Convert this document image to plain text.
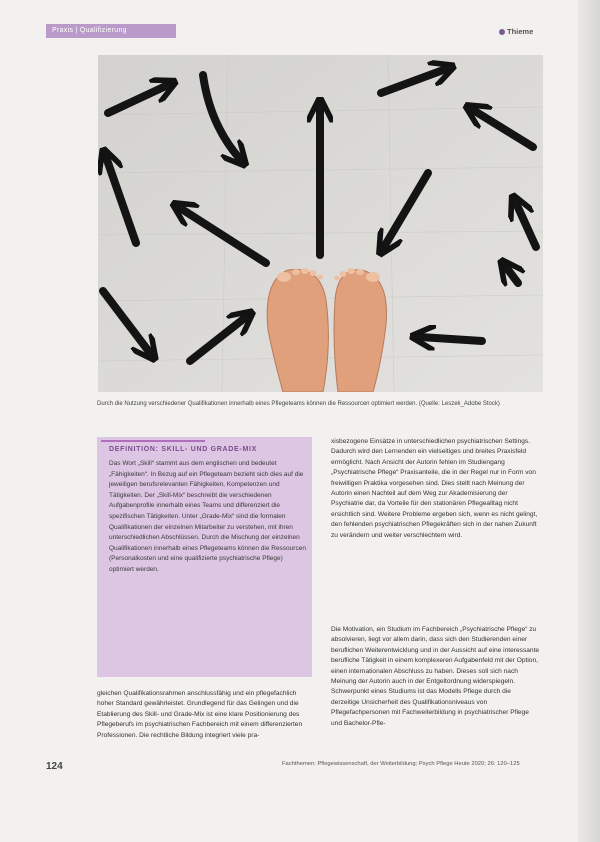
Praxis | Qualifizierung	Thieme
Durch die Nutzung verschiedener Qualifikationen innerhalb eines Pflegeteams können die Ressourcen optimiert werden. (Quelle: Leszek_Adobe Stock)
DEFINITION: SKILL- UND GRADE-MIX
Das Wort „Skill“ stammt aus dem englischen und bedeutet „Fähigkeiten“. In Bezug auf ein Pflegeteam bezieht sich dies auf die jeweiligen berufsrelevanten Fähigkeiten, Kompetenzen und Tätigkeiten. Der „Skill-Mix“ beschreibt die verschiedenen Aufgabenprofile innerhalb eines Teams und differenziert die spezifischen Tätigkeiten. Unter „Grade-Mix“ sind die formalen Qualifikationen der einzelnen Mitarbeiter zu verstehen, mit ihren unterschiedlichen Abschlüssen. Durch die Mischung der einzelnen Qualifikationen innerhalb eines Pflegeteams können die Ressourcen (Personalkosten und eine qualifizierte psychiatrische Pflege) optimiert werden.

gleichen Qualifikationsrahmen anschlussfähig und ein pflegefachlich hoher Standard gewährleistet. Grundlegend für das Gelingen und die Etablierung des Skill- und Grade-Mix ist eine klare Positionierung des Pflegeberufs im psychiatrischen Fachbereich mit einem differenzierten Professionen. Die rechtliche Bildung integriert viele pra-

xisbezogene Einsätze in unterschiedlichen psychiatrischen Settings. Dadurch wird den Lernenden ein vielseitiges und breites Praxisfeld ermöglicht. Nach Ansicht der Autorin fehlen im Studiengang „Psychiatrische Pflege“ Praxisanteile, die in der Regel nur in Form von freiwilligen Praktika vorgesehen sind. Dies stellt nach Meinung der Autorin einen Nachteil auf dem Weg zur Akademisierung der Psychiatrie dar, da Vorteile für den stationären Pflegealltag nicht ersichtlich sind. Weitere Probleme ergeben sich, wenn es nicht gelingt, den fehlenden psychiatrischen Pflegekräften sich in der nahen Zukunft zu verändern und weiter verschlechtern wird.

Die Motivation, ein Studium im Fachbereich „Psychiatrische Pflege“ zu absolvieren, liegt vor allem darin, dass sich den Studierenden einer beruflichen Weiterentwicklung und in der Aussicht auf eine interessante berufliche Tätigkeit in einem komplexeren Aufgabenfeld mit der Option, einen internationalen Abschluss zu haben. Dieses soll sich nach Meinung der Autorin auch in der Entgeltordnung widerspiegeln. Schwerpunkt eines Studiums ist das Modells Pflege durch die derzeitige Unsicherheit des Qualifikationsniveaus von Pflegefachpersonen mit Fachweiterbildung in psychiatrischer Pflege und Bachelor-Pfle-

124	Fachthemen: Pflegewissenschaft, der Weiterbildung; Psych Pflege Heute 2020; 26: 120–125
